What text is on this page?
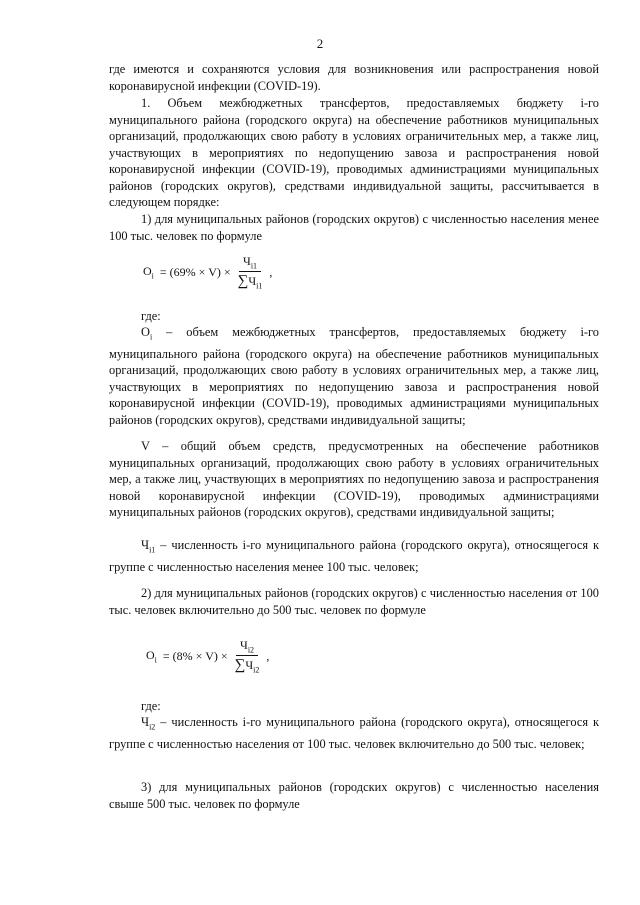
2

где имеются и сохраняются условия для возникновения или распространения новой коронавирусной инфекции (COVID-19).

1. Объем межбюджетных трансфертов, предоставляемых бюджету i-го муниципального района (городского округа) на обеспечение работников муниципальных организаций, продолжающих свою работу в условиях ограничительных мер, а также лиц, участвующих в мероприятиях по недопущению завоза и распространения новой коронавирусной инфекции (COVID-19), проводимых администрациями муниципальных районов (городских округов), средствами индивидуальной защиты, рассчитывается в следующем порядке:

1) для муниципальных районов (городских округов) с численностью населения менее 100 тыс. человек по формуле

$O_i = (69\% \times V) \times \frac{Ч_{i1}}{\sum Ч_{i1}}$ ,

где:

$O_i$ – объем межбюджетных трансфертов, предоставляемых бюджету i-го муниципального района (городского округа) на обеспечение работников муниципальных организаций, продолжающих свою работу в условиях ограничительных мер, а также лиц, участвующих в мероприятиях по недопущению завоза и распространения новой коронавирусной инфекции (COVID-19), проводимых администрациями муниципальных районов (городских округов), средствами индивидуальной защиты;

V – общий объем средств, предусмотренных на обеспечение работников муниципальных организаций, продолжающих свою работу в условиях ограничительных мер, а также лиц, участвующих в мероприятиях по недопущению завоза и распространения новой коронавирусной инфекции (COVID-19), проводимых администрациями муниципальных районов (городских округов), средствами индивидуальной защиты;

$Ч_{i1}$ – численность i-го муниципального района (городского округа), относящегося к группе с численностью населения менее 100 тыс. человек;

2) для муниципальных районов (городских округов) с численностью населения от 100 тыс. человек включительно до 500 тыс. человек по формуле

$O_i = (8\% \times V) \times \frac{Ч_{i2}}{\sum Ч_{i2}}$ ,

где:

$Ч_{i2}$ – численность i-го муниципального района (городского округа), относящегося к группе с численностью населения от 100 тыс. человек включительно до 500 тыс. человек;

3) для муниципальных районов (городских округов) с численностью населения свыше 500 тыс. человек по формуле
